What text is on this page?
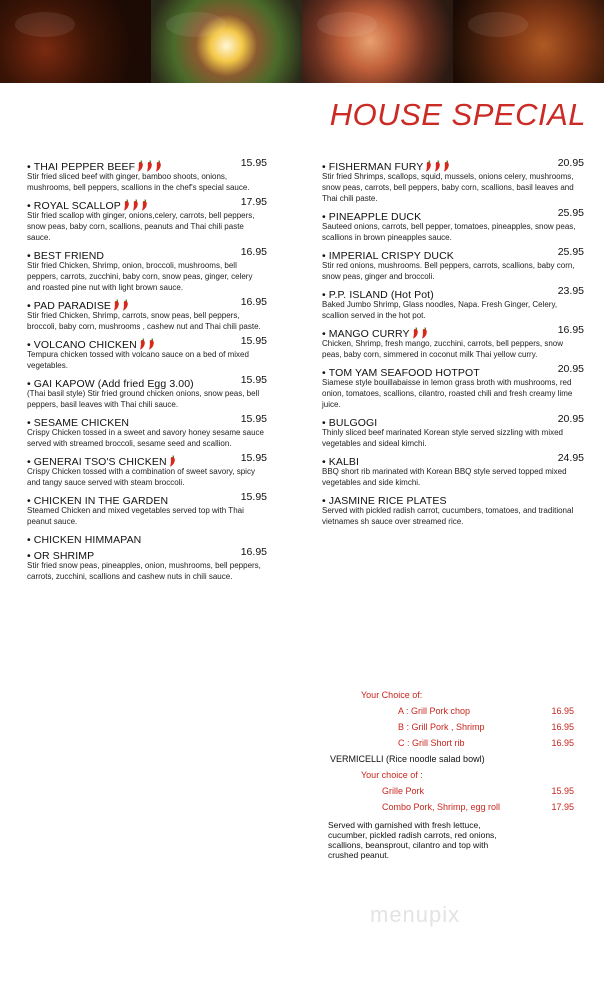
HOUSE SPECIAL
• THAI PEPPER BEEF	15.95
Stir fried sliced beef with ginger, bamboo shoots, onions, mushrooms, bell peppers, scallions in the chef's special sauce.
• ROYAL SCALLOP	17.95
Stir fried scallop with ginger, onions,celery, carrots, bell peppers, snow peas, baby corn, scallions, peanuts and Thai chili paste sauce.
• BEST FRIEND	16.95
Stir fried Chicken, Shrimp, onion, broccoli, mushrooms, bell peppers, carrots, zucchini, baby corn, snow peas, ginger, celery and roasted pine nut with light brown sauce.
• PAD PARADISE	16.95
Stir fried Chicken, Shrimp, carrots, snow peas, bell peppers, broccoli, baby corn, mushrooms , cashew nut and Thai chili paste.
• VOLCANO CHICKEN	15.95
Tempura chicken tossed with volcano sauce on a bed of mixed vegetables.
• GAI KAPOW (Add fried Egg 3.00)	15.95
(Thai basil style) Stir fried ground chicken onions, snow peas, bell peppers, basil leaves with Thai chili sauce.
• SESAME CHICKEN	15.95
Crispy Chicken tossed in a sweet and savory honey sesame sauce served with streamed broccoli, sesame seed and scallion.
• GENERAI TSO'S CHICKEN	15.95
Crispy Chicken tossed with a combination of sweet savory, spicy and tangy sauce served with steam broccoli.
• CHICKEN IN THE GARDEN	15.95
Steamed Chicken and mixed vegetables served top with Thai peanut sauce.
• CHICKEN HIMMAPAN
• OR SHRIMP	16.95
Stir fried snow peas, pineapples, onion, mushrooms, bell peppers, carrots, zucchini, scallions and cashew nuts in chili sauce.
• FISHERMAN FURY	20.95
Stir fried Shrimps, scallops, squid, mussels, onions celery, mushrooms, snow peas, carrots, bell peppers, baby corn, scallions, basil leaves and Thai chili paste.
• PINEAPPLE DUCK	25.95
Sauteed onions, carrots, bell pepper, tomatoes, pineapples, snow peas, scallions in brown pineapples sauce.
• IMPERIAL CRISPY DUCK	25.95
Stir red onions, mushrooms. Bell peppers, carrots, scallions, baby corn, snow peas, ginger and broccoli.
• P.P. ISLAND (Hot Pot)	23.95
Baked Jumbo Shrimp, Glass noodles, Napa. Fresh Ginger, Celery, scallion served in the hot pot.
• MANGO CURRY	16.95
Chicken, Shrimp, fresh mango, zucchini, carrots, bell peppers, snow peas, baby corn, simmered in coconut milk Thai yellow curry.
• TOM YAM SEAFOOD HOTPOT	20.95
Siamese style bouillabaisse in lemon grass broth with mushrooms, red onion, tomatoes, scallions, cilantro, roasted chili and fresh creamy lime juice.
• BULGOGI	20.95
Thinly sliced beef marinated Korean style served sizzling with mixed vegetables and sideal kimchi.
• KALBI	24.95
BBQ short rib marinated with Korean BBQ style served topped mixed vegetables and side kimchi.
• JASMINE RICE PLATES
Served with pickled radish carrot, cucumbers, tomatoes, and traditional vietnames sh sauce over streamed rice.
Your Choice of:
A : Grill Pork chop	16.95
B : Grill Pork , Shrimp	16.95
C : Grill Short rib	16.95
VERMICELLI (Rice noodle salad bowl)
Your choice of :
Grille Pork	15.95
Combo Pork, Shrimp, egg roll	17.95
Served with garnished with fresh lettuce, cucumber, pickled radish carrots, red onions, scallions, beansprout, cilantro and top with crushed peanut.
menupix
